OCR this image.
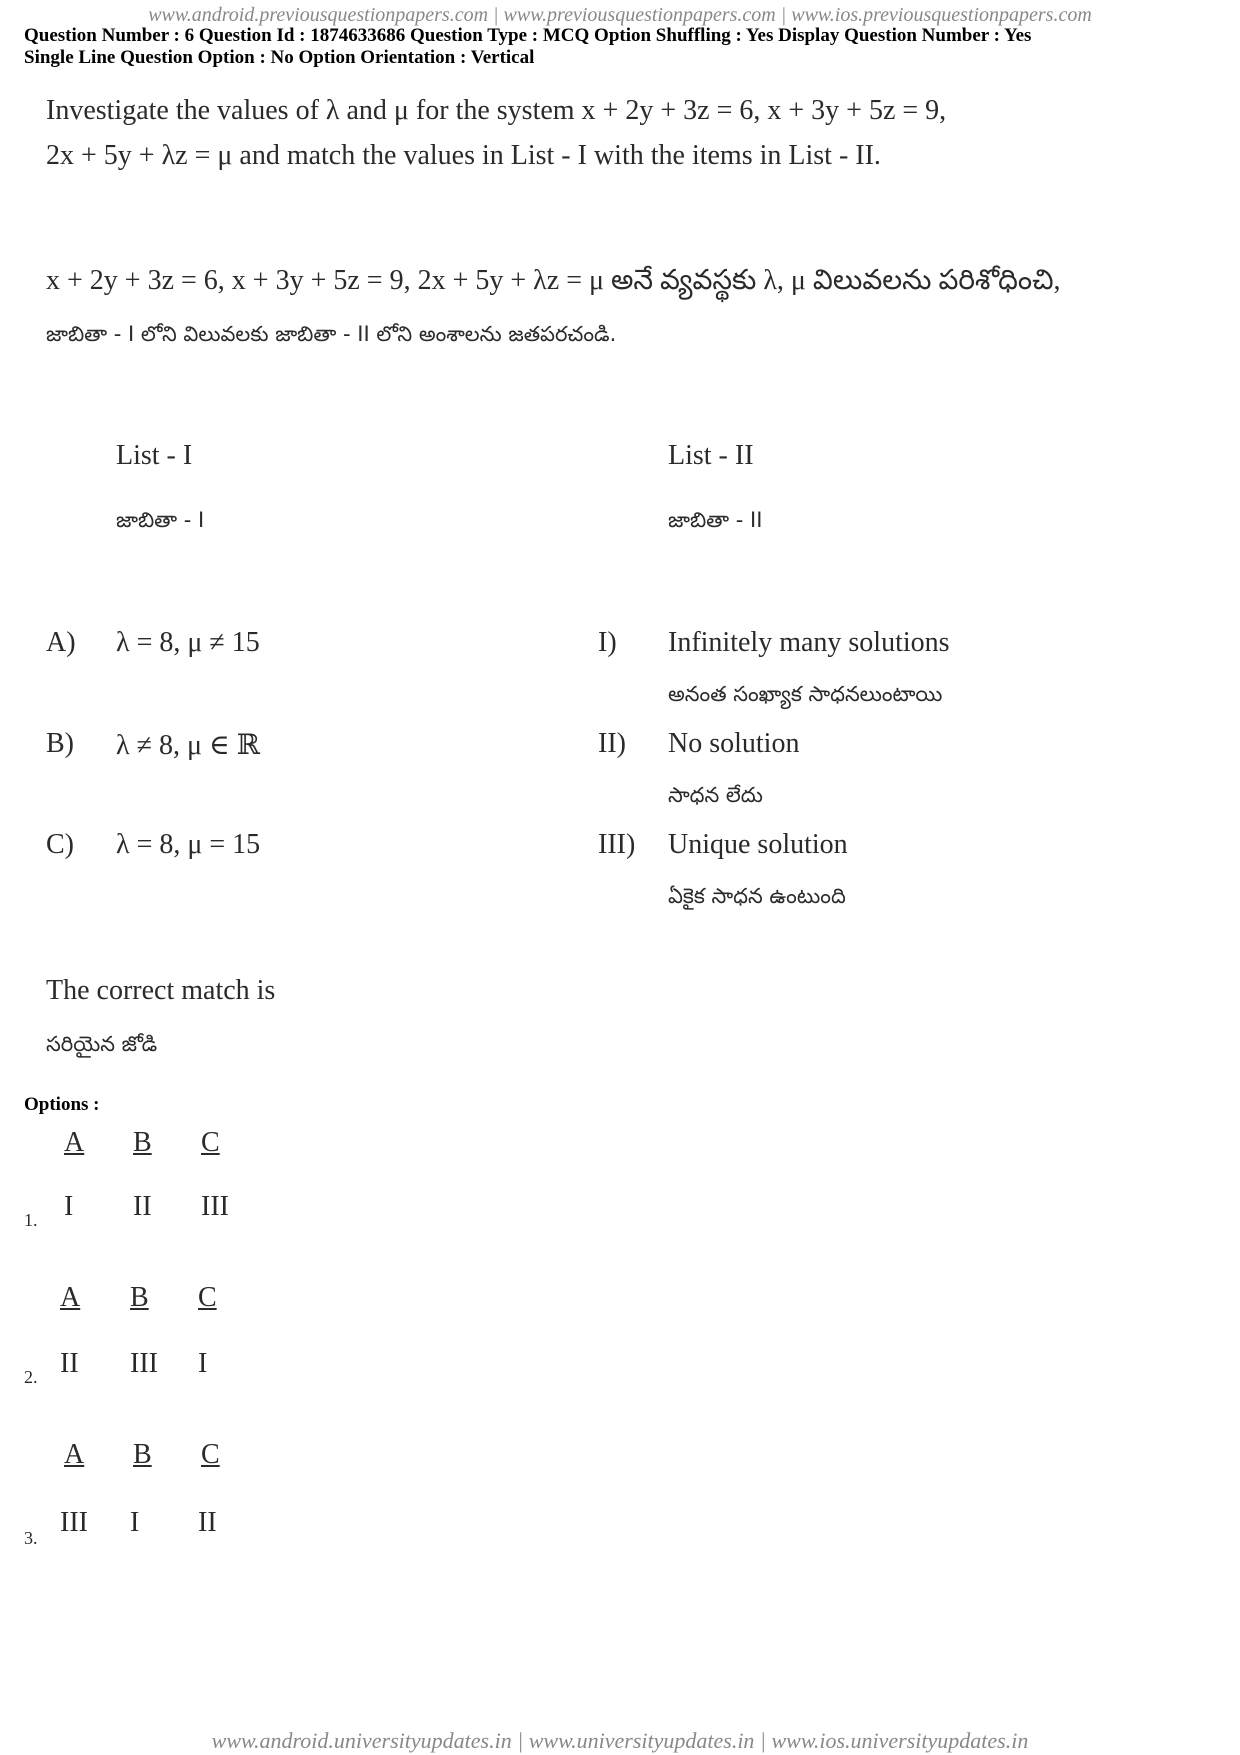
www.android.previousquestionpapers.com | www.previousquestionpapers.com | www.ios.previousquestionpapers.com
Question Number : 6 Question Id : 1874633686 Question Type : MCQ Option Shuffling : Yes Display Question Number : Yes
Single Line Question Option : No Option Orientation : Vertical
Investigate the values of λ and μ for the system x + 2y + 3z = 6, x + 3y + 5z = 9,
2x + 5y + λz = μ and match the values in List - I with the items in List - II.
x + 2y + 3z = 6, x + 3y + 5z = 9, 2x + 5y + λz = μ అనే వ్యవస్థకు λ, μ విలువలను పరిశోధించి,
జాబితా - I లోని విలువలకు జాబితా - II లోని అంశాలను జతపరచండి.
List - I
జాబితా - I
List - II
జాబితా - II
A) λ = 8, μ ≠ 15
B) λ ≠ 8, μ ∈ ℝ
C) λ = 8, μ = 15
I) Infinitely many solutions
అనంత సంఖ్యాక సాధనలుంటాయి
II) No solution
సాధన లేదు
III) Unique solution
ఏకైక సాధన ఉంటుంది
The correct match is
సరియైన జోడి
Options :
A B C
I II III
1.
A B C
II III I
2.
A B C
III I II
3.
www.android.universityupdates.in | www.universityupdates.in | www.ios.universityupdates.in
